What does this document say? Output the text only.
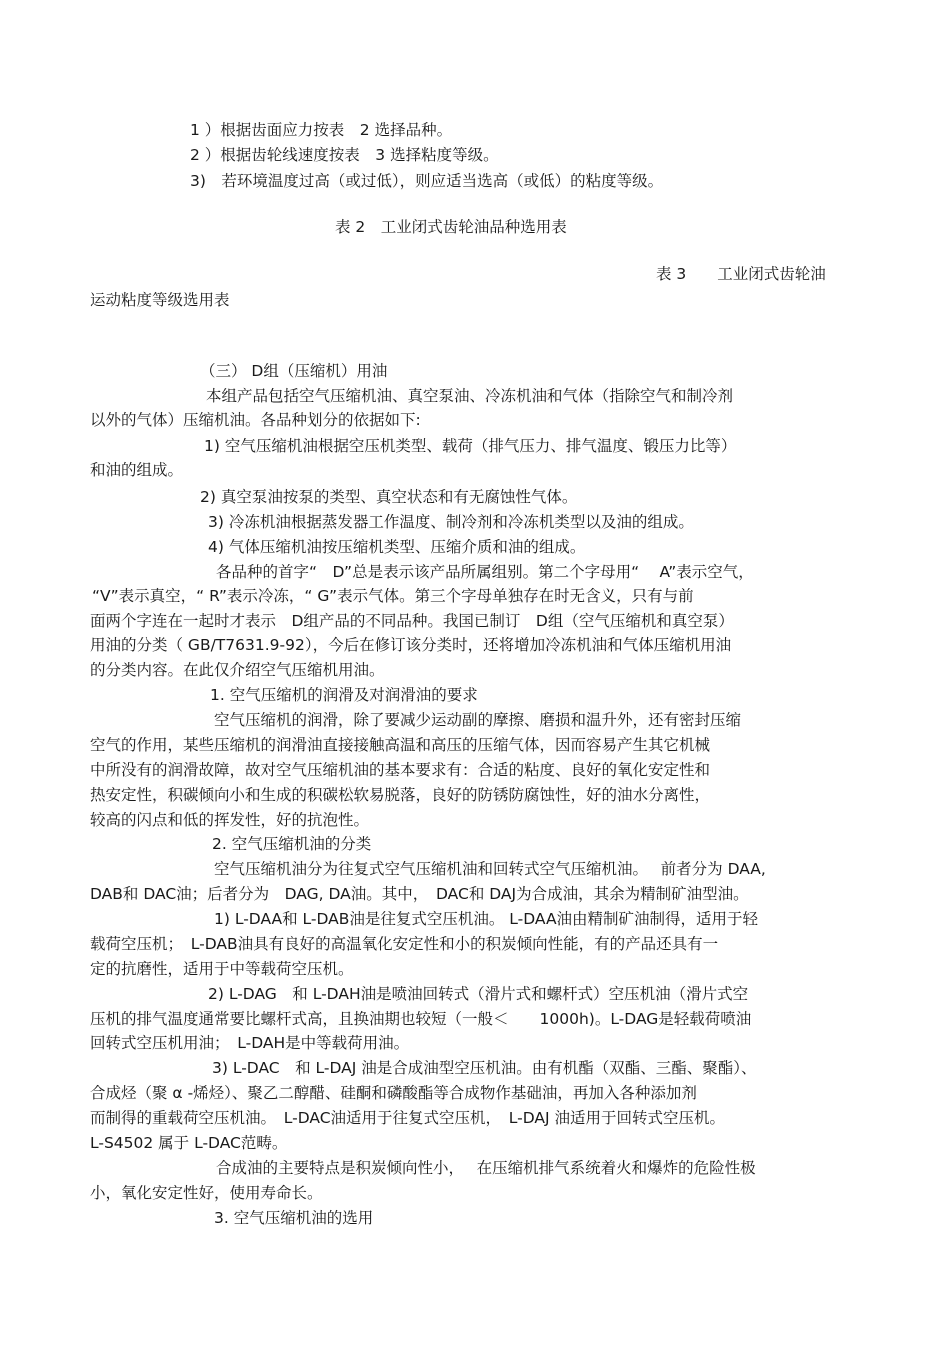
1 ）根据齿面应力按表　2 选择品种。
2 ）根据齿轮线速度按表　3 选择粘度等级。
3)　若环境温度过高（或过低），则应适当选高（或低）的粘度等级。
表 2　工业闭式齿轮油品种选用表
表 3　　工业闭式齿轮油
运动粘度等级选用表
（三） D组（压缩机）用油
本组产品包括空气压缩机油、真空泵油、冷冻机油和气体（指除空气和制冷剂
以外的气体）压缩机油。各品种划分的依据如下:
1) 空气压缩机油根据空压机类型、载荷（排气压力、排气温度、锻压力比等）
和油的组成。
2) 真空泵油按泵的类型、真空状态和有无腐蚀性气体。
3) 冷冻机油根据蒸发器工作温度、制冷剂和冷冻机类型以及油的组成。
4) 气体压缩机油按压缩机类型、压缩介质和油的组成。
各品种的首字“　D”总是表示该产品所属组别。第二个字母用“　 A”表示空气，
“V”表示真空，“ R”表示冷冻，“ G”表示气体。第三个字母单独存在时无含义，只有与前
面两个字连在一起时才表示　D组产品的不同品种。我国已制订　D组（空气压缩机和真空泵）
用油的分类（ GB/T7631.9-92），今后在修订该分类时，还将增加冷冻机油和气体压缩机用油
的分类内容。在此仅介绍空气压缩机用油。
1. 空气压缩机的润滑及对润滑油的要求
空气压缩机的润滑，除了要减少运动副的摩擦、磨损和温升外，还有密封压缩
空气的作用，某些压缩机的润滑油直接接触高温和高压的压缩气体，因而容易产生其它机械
中所没有的润滑故障，故对空气压缩机油的基本要求有：合适的粘度、良好的氧化安定性和
热安定性，积碳倾向小和生成的积碳松软易脱落，良好的防锈防腐蚀性，好的油水分离性，
较高的闪点和低的挥发性，好的抗泡性。
2. 空气压缩机油的分类
空气压缩机油分为往复式空气压缩机油和回转式空气压缩机油。　 前者分为 DAA,
DAB和 DAC油；后者分为　DAG, DA油。其中，　DAC和 DAJ为合成油，其余为精制矿油型油。
1) L-DAA和 L-DAB油是往复式空压机油。 L-DAA油由精制矿油制得，适用于轻
载荷空压机；　L-DAB油具有良好的高温氧化安定性和小的积炭倾向性能，有的产品还具有一
定的抗磨性，适用于中等载荷空压机。
2) L-DAG　和 L-DAH油是喷油回转式（滑片式和螺杆式）空压机油（滑片式空
压机的排气温度通常要比螺杆式高，且换油期也较短（一般＜　　1000h)。L-DAG是轻载荷喷油
回转式空压机用油；　L-DAH是中等载荷用油。
3) L-DAC　和 L-DAJ 油是合成油型空压机油。由有机酯（双酯、三酯、聚酯）、
合成烃（聚 α -烯烃）、聚乙二醇醋、硅酮和磷酸酯等合成物作基础油，再加入各种添加剂
而制得的重载荷空压机油。　L-DAC油适用于往复式空压机，　L-DAJ 油适用于回转式空压机。
L-S4502 属于 L-DAC范畴。
合成油的主要特点是积炭倾向性小，　 在压缩机排气系统着火和爆炸的危险性极
小，氧化安定性好，使用寿命长。
3. 空气压缩机油的选用
